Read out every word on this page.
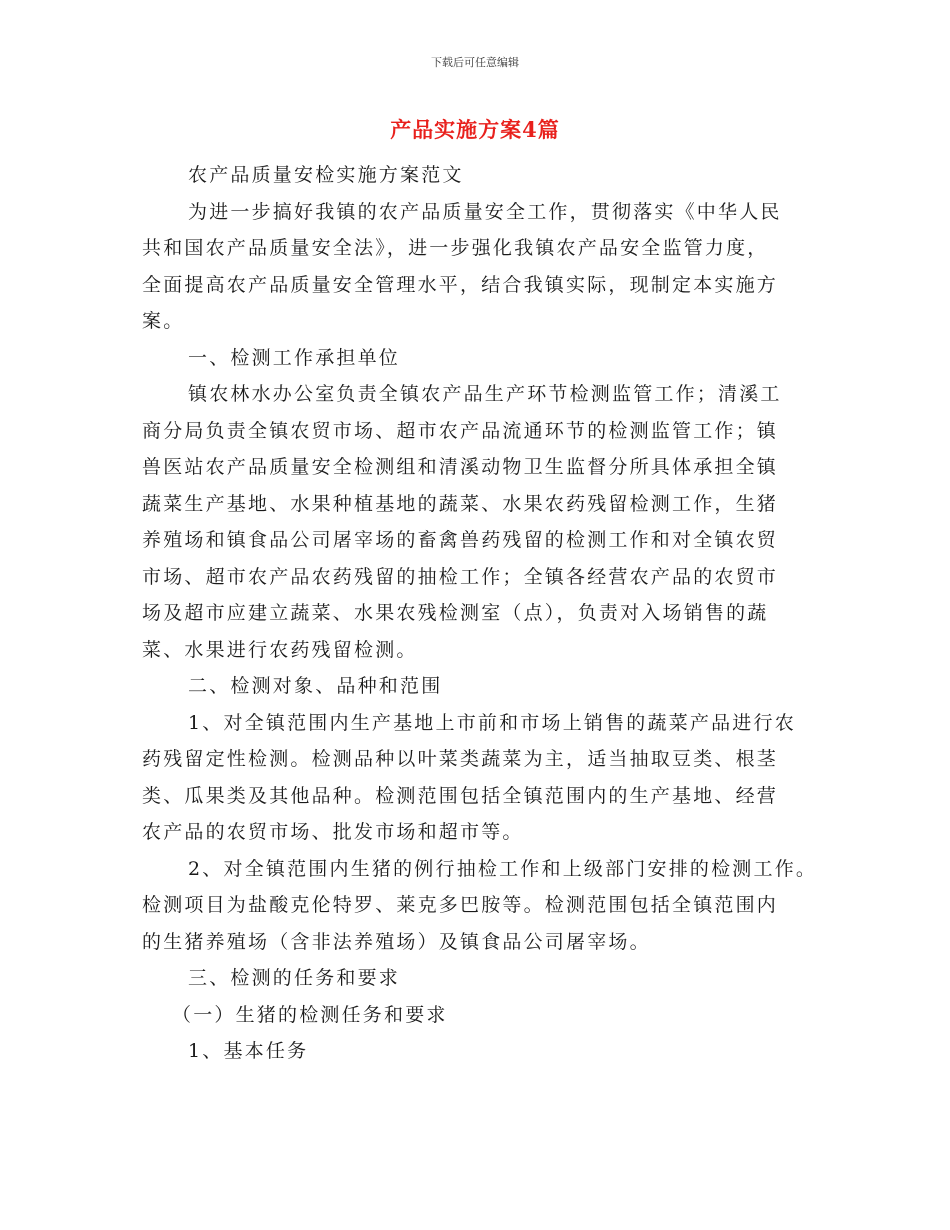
下载后可任意编辑
产品实施方案4篇
农产品质量安检实施方案范文
为进一步搞好我镇的农产品质量安全工作，贯彻落实《中华人民
共和国农产品质量安全法》，进一步强化我镇农产品安全监管力度，
全面提高农产品质量安全管理水平，结合我镇实际，现制定本实施方
案。
一、检测工作承担单位
镇农林水办公室负责全镇农产品生产环节检测监管工作；清溪工
商分局负责全镇农贸市场、超市农产品流通环节的检测监管工作；镇
兽医站农产品质量安全检测组和清溪动物卫生监督分所具体承担全镇
蔬菜生产基地、水果种植基地的蔬菜、水果农药残留检测工作，生猪
养殖场和镇食品公司屠宰场的畜禽兽药残留的检测工作和对全镇农贸
市场、超市农产品农药残留的抽检工作；全镇各经营农产品的农贸市
场及超市应建立蔬菜、水果农残检测室（点），负责对入场销售的蔬
菜、水果进行农药残留检测。
二、检测对象、品种和范围
1、对全镇范围内生产基地上市前和市场上销售的蔬菜产品进行农
药残留定性检测。检测品种以叶菜类蔬菜为主，适当抽取豆类、根茎
类、瓜果类及其他品种。检测范围包括全镇范围内的生产基地、经营
农产品的农贸市场、批发市场和超市等。
2、对全镇范围内生猪的例行抽检工作和上级部门安排的检测工作。
检测项目为盐酸克伦特罗、莱克多巴胺等。检测范围包括全镇范围内
的生猪养殖场（含非法养殖场）及镇食品公司屠宰场。
三、检测的任务和要求
（一）生猪的检测任务和要求
1、基本任务
